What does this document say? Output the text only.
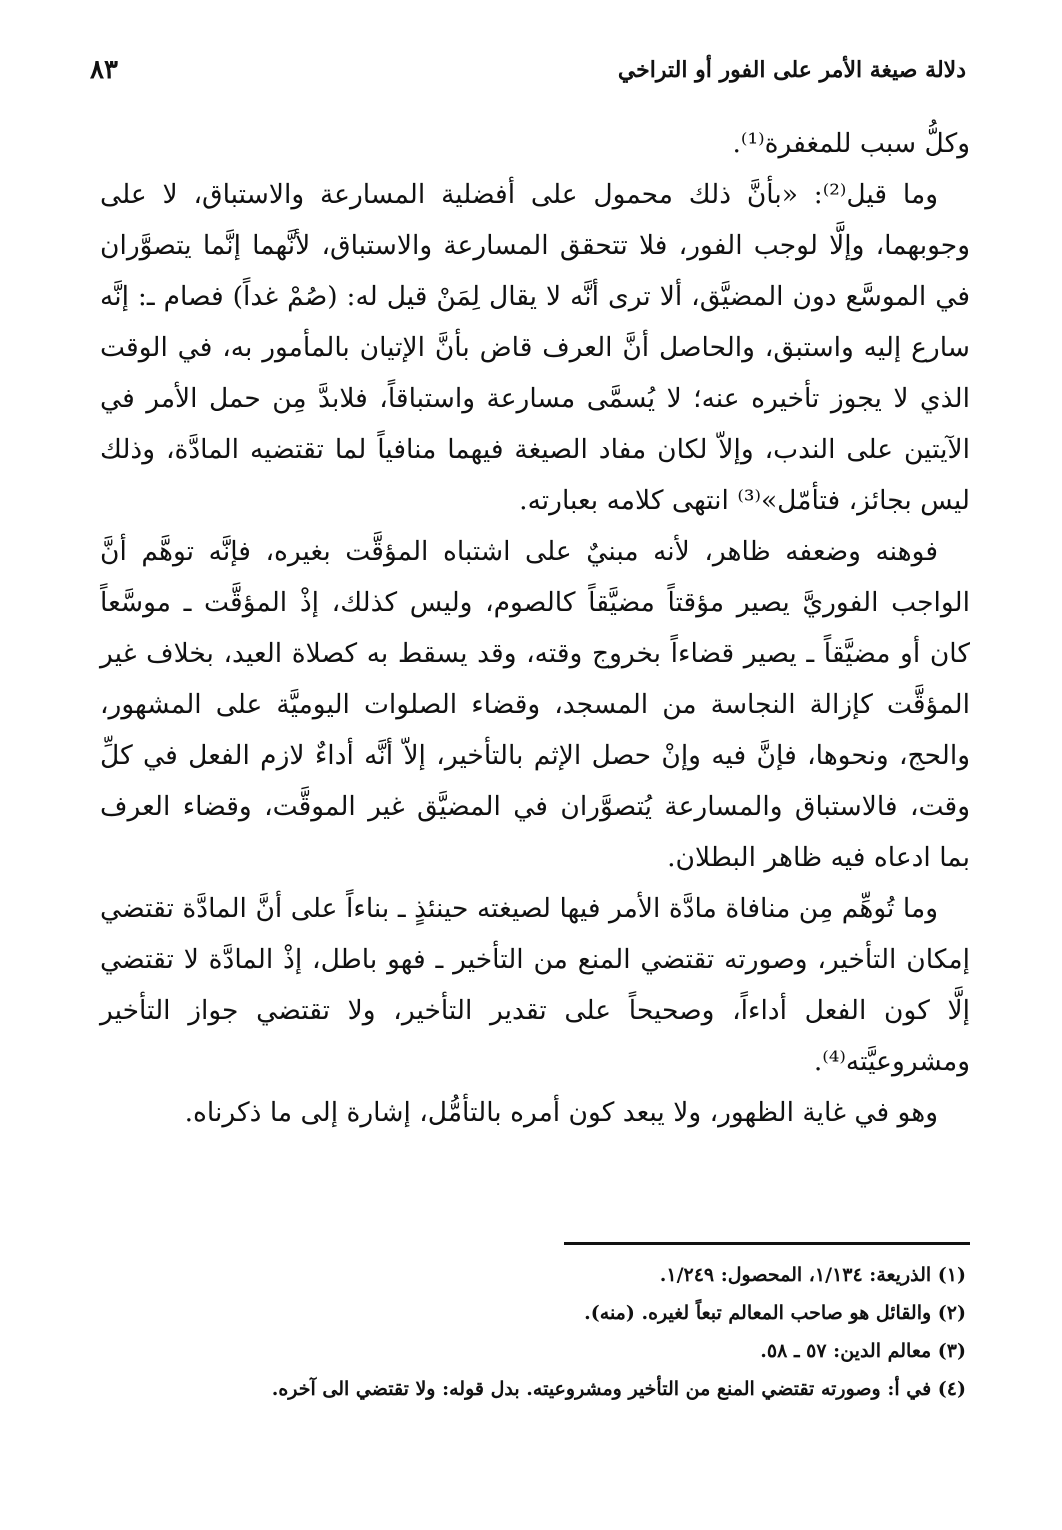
دلالة صيغة الأمر على الفور أو التراخي
٨٣

وكلُّ سبب للمغفرة⁽¹⁾.

وما قيل⁽²⁾: «بأنَّ ذلك محمول على أفضلية المسارعة والاستباق، لا على وجوبهما، وإلَّا لوجب الفور، فلا تتحقق المسارعة والاستباق، لأنَّهما إنَّما يتصوَّران في الموسَّع دون المضيَّق، ألا ترى أنَّه لا يقال لِمَنْ قيل له: (صُمْ غداً) فصام ـ: إنَّه سارع إليه واستبق، والحاصل أنَّ العرف قاض بأنَّ الإتيان بالمأمور به، في الوقت الذي لا يجوز تأخيره عنه؛ لا يُسمَّى مسارعة واستباقاً، فلابدَّ مِن حمل الأمر في الآيتين على الندب، وإلاّ لكان مفاد الصيغة فيهما منافياً لما تقتضيه المادَّة، وذلك ليس بجائز، فتأمّل»⁽³⁾ انتهى كلامه بعبارته.

فوهنه وضعفه ظاهر، لأنه مبنيٌ على اشتباه المؤقَّت بغيره، فإنَّه توهَّم أنَّ الواجب الفوريَّ يصير مؤقتاً مضيَّقاً كالصوم، وليس كذلك، إذْ المؤقَّت ـ موسَّعاً كان أو مضيَّقاً ـ يصير قضاءاً بخروج وقته، وقد يسقط به كصلاة العيد، بخلاف غير المؤقَّت كإزالة النجاسة من المسجد، وقضاء الصلوات اليوميَّة على المشهور، والحج، ونحوها، فإنَّ فيه وإنْ حصل الإثم بالتأخير، إلاّ أنَّه أداءٌ لازم الفعل في كلِّ وقت، فالاستباق والمسارعة يُتصوَّران في المضيَّق غير الموقَّت، وقضاء العرف بما ادعاه فيه ظاهر البطلان.

وما تُوهِّم مِن منافاة مادَّة الأمر فيها لصيغته حينئذٍ ـ بناءاً على أنَّ المادَّة تقتضي إمكان التأخير، وصورته تقتضي المنع من التأخير ـ فهو باطل، إذْ المادَّة لا تقتضي إلَّا كون الفعل أداءاً، وصحيحاً على تقدير التأخير، ولا تقتضي جواز التأخير ومشروعيَّته⁽⁴⁾.

وهو في غاية الظهور، ولا يبعد كون أمره بالتأمُّل، إشارة إلى ما ذكرناه.

(١) الذريعة: ١/١٣٤، المحصول: ١/٢٤٩.
(٢) والقائل هو صاحب المعالم تبعاً لغيره. (منه).
(٣) معالم الدين: ٥٧ ـ ٥٨.
(٤) في أ: وصورته تقتضي المنع من التأخير ومشروعيته. بدل قوله: ولا تقتضي الى آخره.
